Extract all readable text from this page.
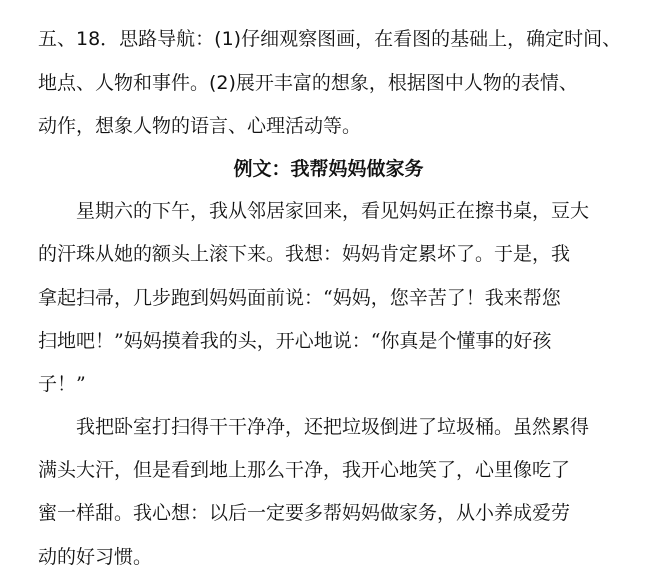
五、18．思路导航：(1)仔细观察图画，在看图的基础上，确定时间、
地点、人物和事件。(2)展开丰富的想象，根据图中人物的表情、
动作，想象人物的语言、心理活动等。
例文：我帮妈妈做家务
星期六的下午，我从邻居家回来，看见妈妈正在擦书桌，豆大
的汗珠从她的额头上滚下来。我想：妈妈肯定累坏了。于是，我
拿起扫帚，几步跑到妈妈面前说：“妈妈，您辛苦了！我来帮您
扫地吧！”妈妈摸着我的头，开心地说：“你真是个懂事的好孩
子！”
我把卧室打扫得干干净净，还把垃圾倒进了垃圾桶。虽然累得
满头大汗，但是看到地上那么干净，我开心地笑了，心里像吃了
蜜一样甜。我心想：以后一定要多帮妈妈做家务，从小养成爱劳
动的好习惯。
